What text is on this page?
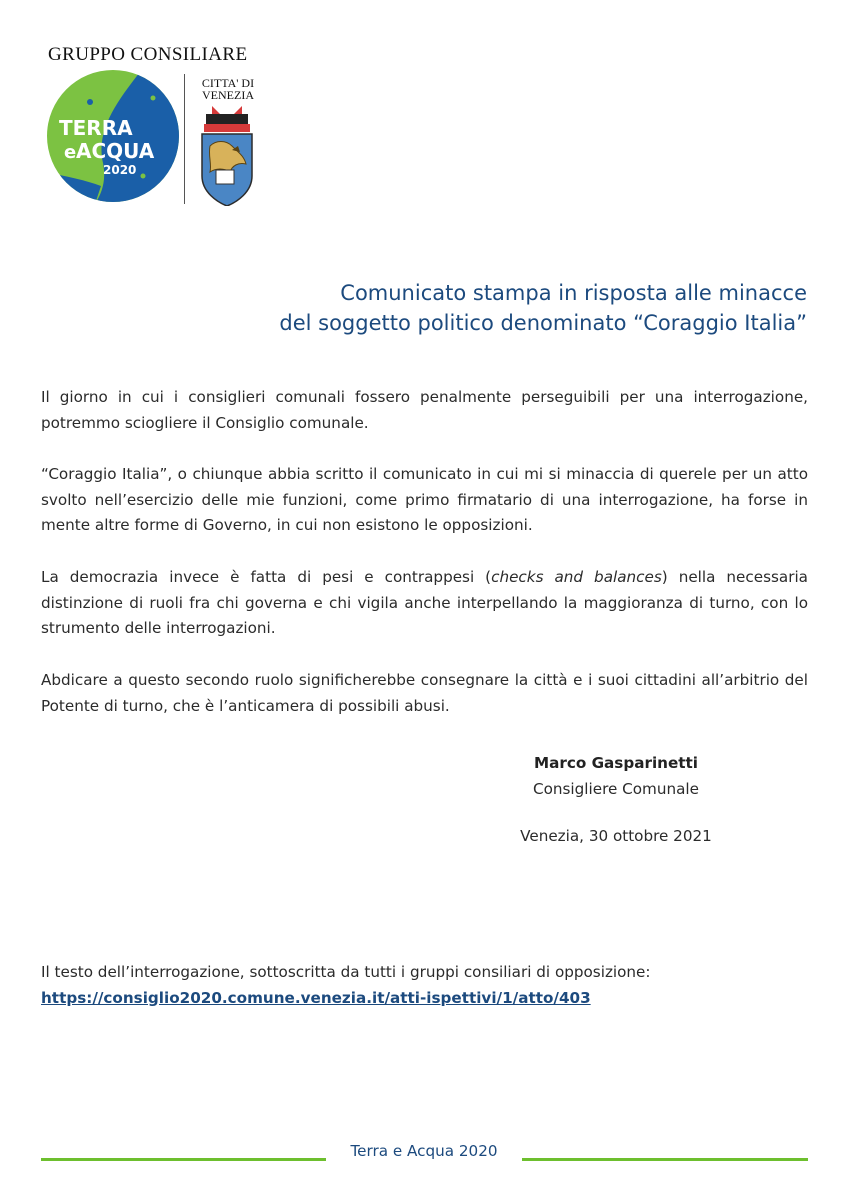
GRUPPO CONSILIARE
TERRA
e ACQUA
2020
CITTA' DI
VENEZIA
Comunicato stampa in risposta alle minacce
del soggetto politico denominato “Coraggio Italia”
Il giorno in cui i consiglieri comunali fossero penalmente perseguibili per una interrogazione, potremmo sciogliere il Consiglio comunale.
“Coraggio Italia”, o chiunque abbia scritto il comunicato in cui mi si minaccia di querele per un atto svolto nell’esercizio delle mie funzioni, come primo firmatario di una interrogazione, ha forse in mente altre forme di Governo, in cui non esistono le opposizioni.
La democrazia invece è fatta di pesi e contrappesi (checks and balances) nella necessaria distinzione di ruoli fra chi governa e chi vigila anche interpellando la maggioranza di turno, con lo strumento delle interrogazioni.
Abdicare a questo secondo ruolo significherebbe consegnare la città e i suoi cittadini all’arbitrio del Potente di turno, che è l’anticamera di possibili abusi.
Marco Gasparinetti
Consigliere Comunale
Venezia, 30 ottobre 2021
Il testo dell’interrogazione, sottoscritta da tutti i gruppi consiliari di opposizione:
https://consiglio2020.comune.venezia.it/atti-ispettivi/1/atto/403
Terra e Acqua 2020
